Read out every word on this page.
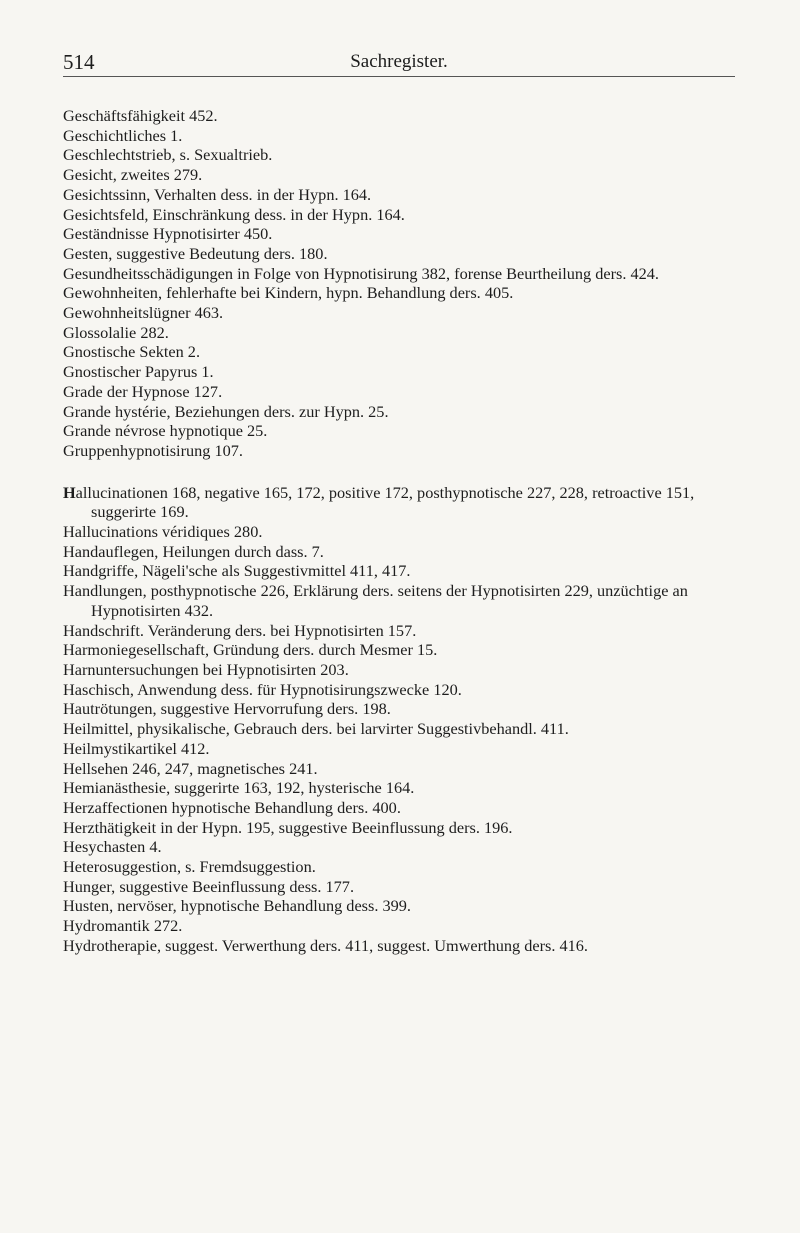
514	Sachregister.
Geschäftsfähigkeit 452.
Geschichtliches 1.
Geschlechtstrieb, s. Sexualtrieb.
Gesicht, zweites 279.
Gesichtssinn, Verhalten dess. in der Hypn. 164.
Gesichtsfeld, Einschränkung dess. in der Hypn. 164.
Geständnisse Hypnotisirter 450.
Gesten, suggestive Bedeutung ders. 180.
Gesundheitsschädigungen in Folge von Hypnotisirung 382, forense Beurtheilung ders. 424.
Gewohnheiten, fehlerhafte bei Kindern, hypn. Behandlung ders. 405.
Gewohnheitslügner 463.
Glossolalie 282.
Gnostische Sekten 2.
Gnostischer Papyrus 1.
Grade der Hypnose 127.
Grande hystérie, Beziehungen ders. zur Hypn. 25.
Grande névrose hypnotique 25.
Gruppenhypnotisirung 107.
Hallucinationen 168, negative 165, 172, positive 172, posthypnotische 227, 228, retroactive 151, suggerirte 169.
Hallucinations véridiques 280.
Handauflegen, Heilungen durch dass. 7.
Handgriffe, Nägeli'sche als Suggestivmittel 411, 417.
Handlungen, posthypnotische 226, Erklärung ders. seitens der Hypnotisirten 229, unzüchtige an Hypnotisirten 432.
Handschrift. Veränderung ders. bei Hypnotisirten 157.
Harmoniegesellschaft, Gründung ders. durch Mesmer 15.
Harnuntersuchungen bei Hypnotisirten 203.
Haschisch, Anwendung dess. für Hypnotisirungszwecke 120.
Hautrötungen, suggestive Hervorrufung ders. 198.
Heilmittel, physikalische, Gebrauch ders. bei larvirter Suggestivbehandl. 411.
Heilmystikartikel 412.
Hellsehen 246, 247, magnetisches 241.
Hemianästhesie, suggerirte 163, 192, hysterische 164.
Herzaffectionen hypnotische Behandlung ders. 400.
Herzthätigkeit in der Hypn. 195, suggestive Beeinflussung ders. 196.
Hesychasten 4.
Heterosuggestion, s. Fremdsuggestion.
Hunger, suggestive Beeinflussung dess. 177.
Husten, nervöser, hypnotische Behandlung dess. 399.
Hydromantik 272.
Hydrotherapie, suggest. Verwerthung ders. 411, suggest. Umwerthung ders. 416.
